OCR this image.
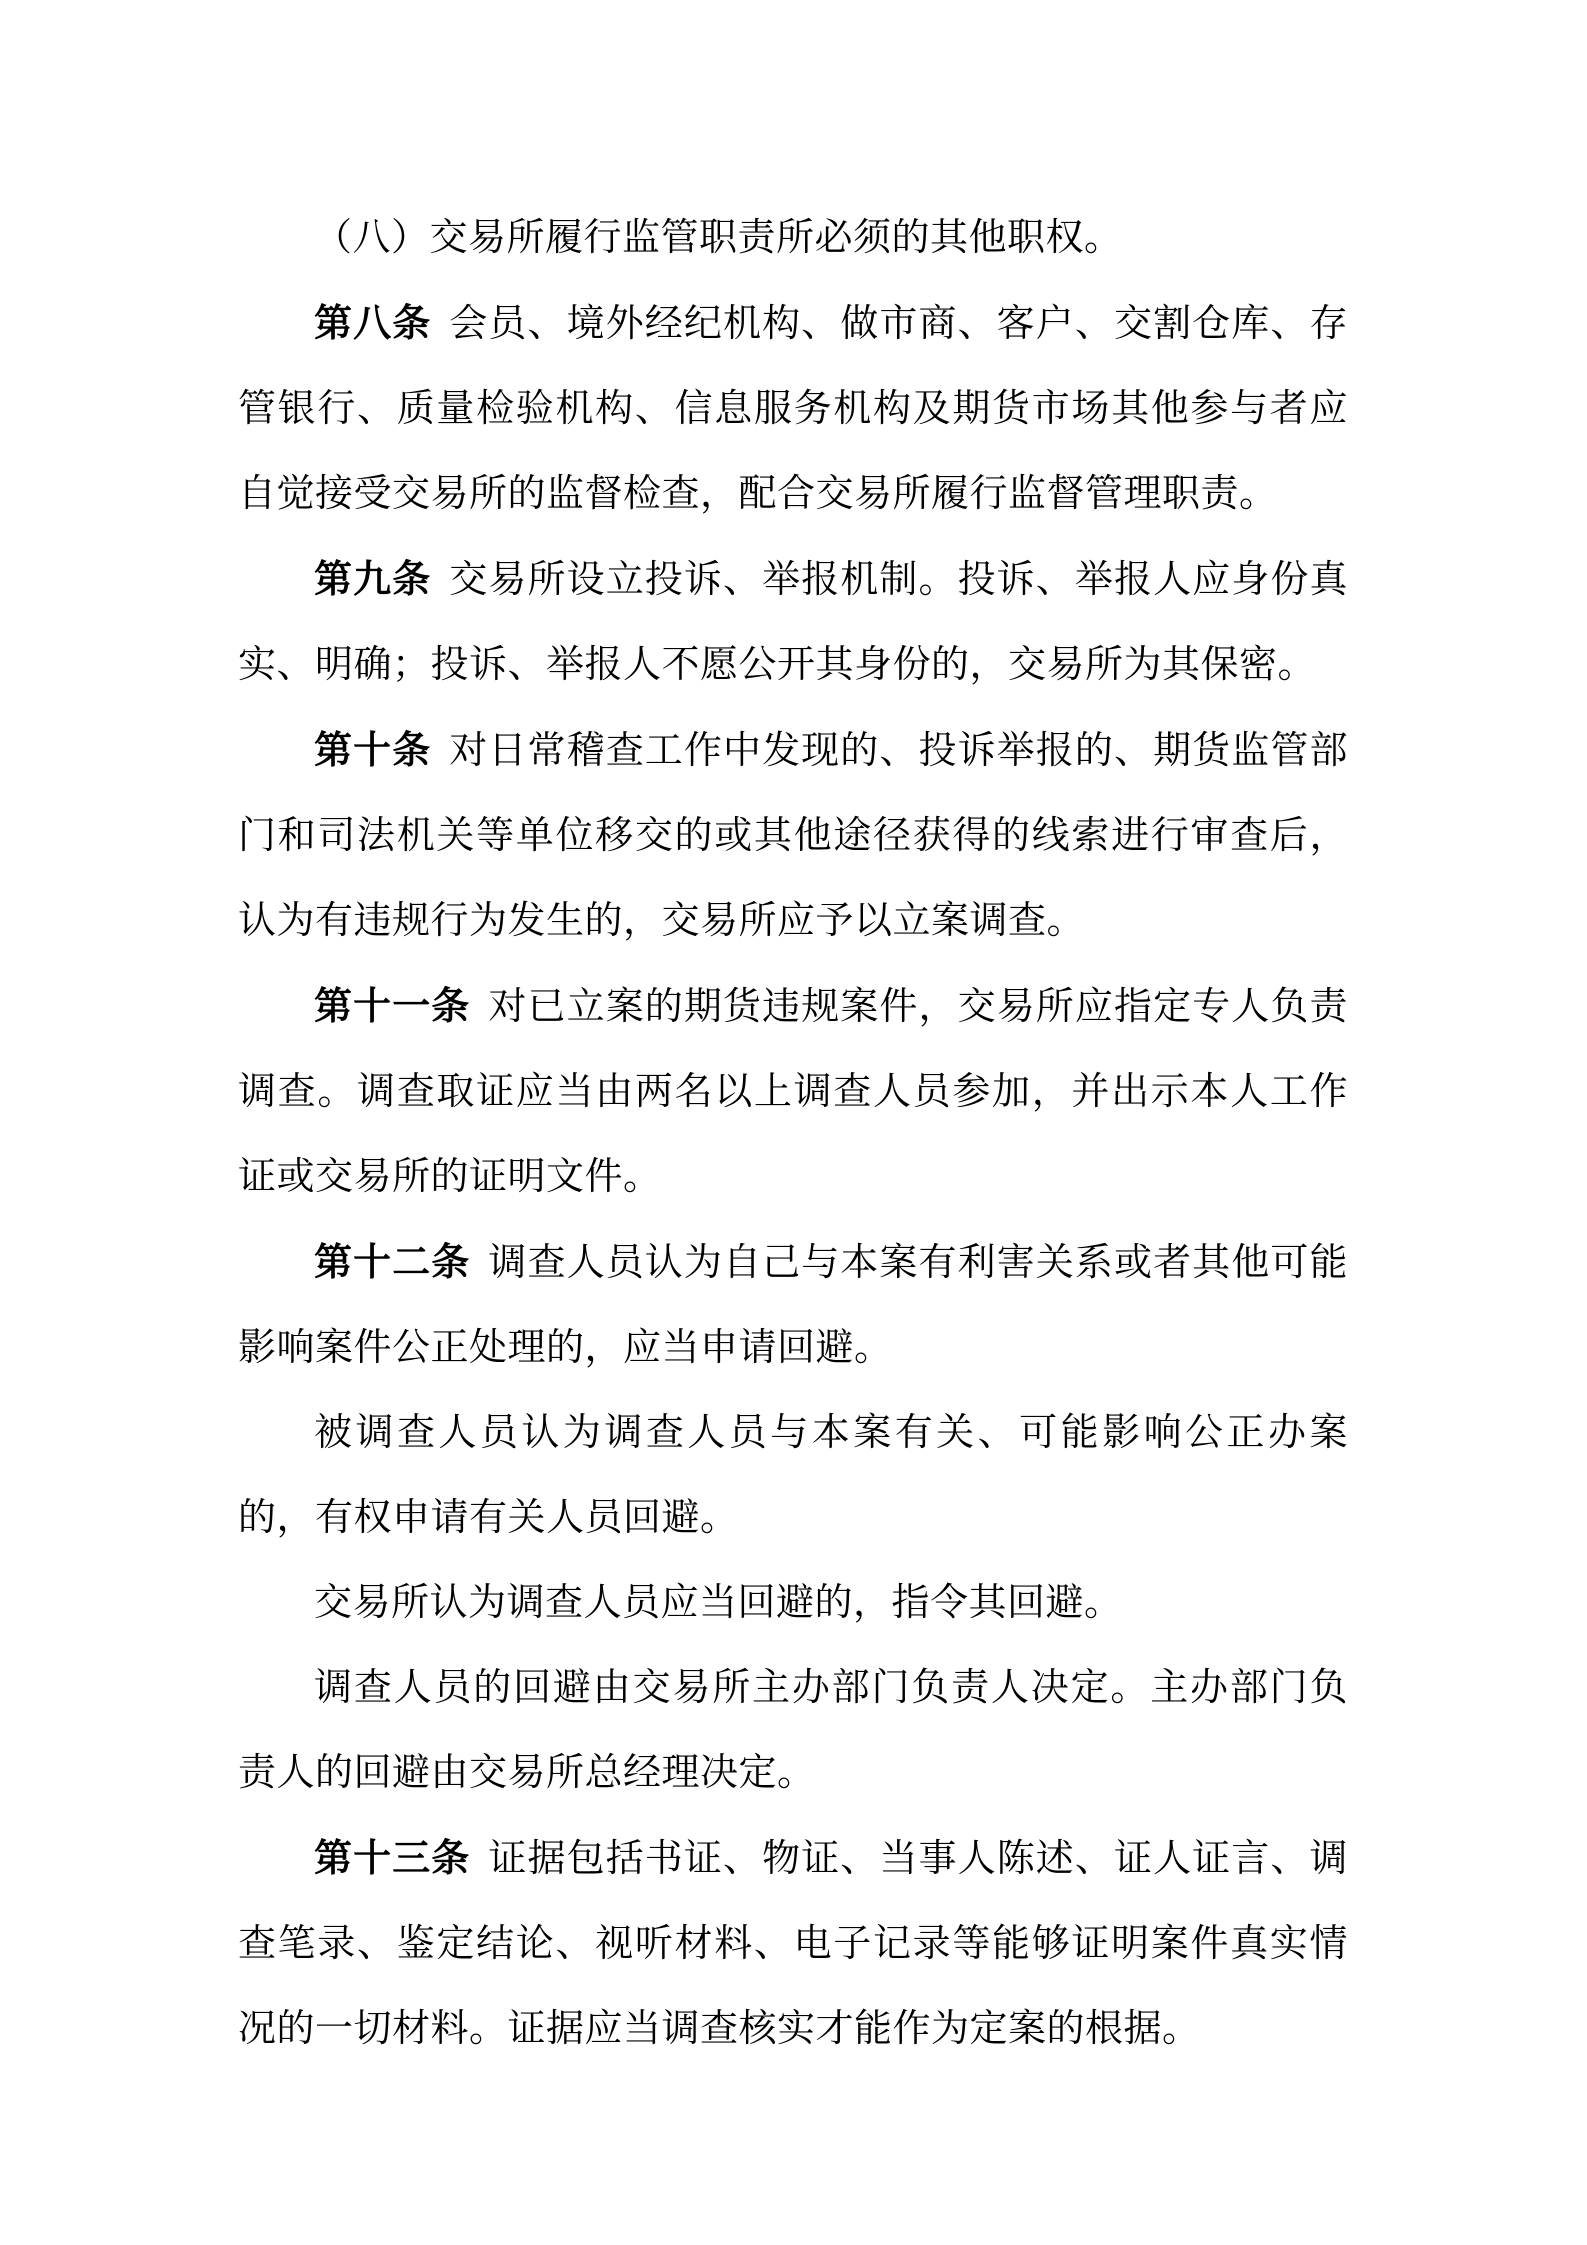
（八）交易所履行监管职责所必须的其他职权。

第八条 会员、境外经纪机构、做市商、客户、交割仓库、存管银行、质量检验机构、信息服务机构及期货市场其他参与者应自觉接受交易所的监督检查，配合交易所履行监督管理职责。

第九条 交易所设立投诉、举报机制。投诉、举报人应身份真实、明确；投诉、举报人不愿公开其身份的，交易所为其保密。

第十条 对日常稽查工作中发现的、投诉举报的、期货监管部门和司法机关等单位移交的或其他途径获得的线索进行审查后，认为有违规行为发生的，交易所应予以立案调查。

第十一条 对已立案的期货违规案件，交易所应指定专人负责调查。调查取证应当由两名以上调查人员参加，并出示本人工作证或交易所的证明文件。

第十二条 调查人员认为自己与本案有利害关系或者其他可能影响案件公正处理的，应当申请回避。

被调查人员认为调查人员与本案有关、可能影响公正办案的，有权申请有关人员回避。

交易所认为调查人员应当回避的，指令其回避。

调查人员的回避由交易所主办部门负责人决定。主办部门负责人的回避由交易所总经理决定。

第十三条 证据包括书证、物证、当事人陈述、证人证言、调查笔录、鉴定结论、视听材料、电子记录等能够证明案件真实情况的一切材料。证据应当调查核实才能作为定案的根据。
